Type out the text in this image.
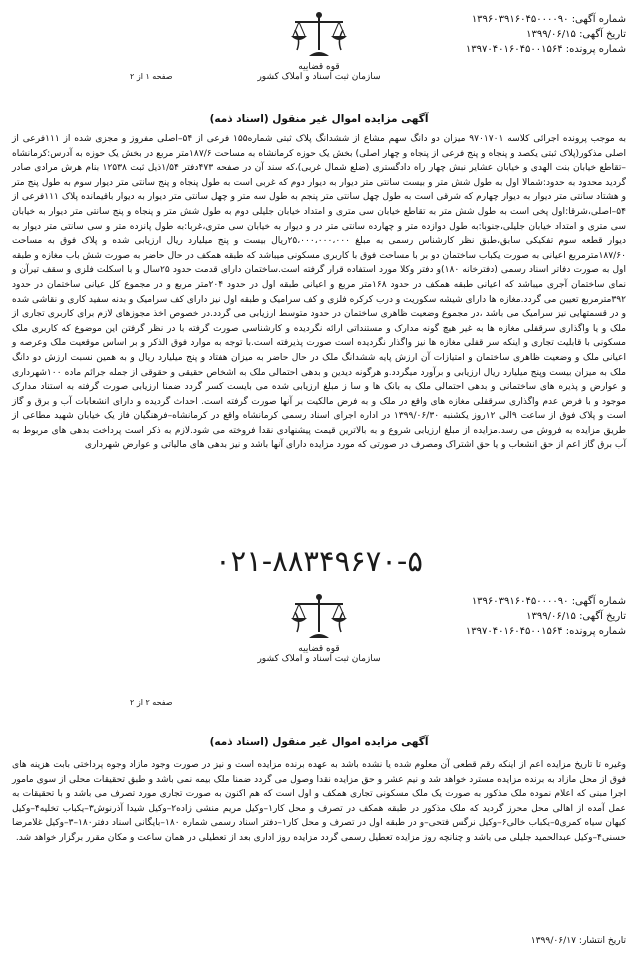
شماره آگهی: ۱۳۹۶۰۳۹۱۶۰۴۵۰۰۰۰۹۰
تاریخ آگهی: ۱۳۹۹/۰۶/۱۵
شماره پرونده: ۱۳۹۷۰۴۰۱۶۰۴۵۰۰۱۵۶۴
قوه قضاییه
سازمان ثبت اسناد و املاک کشور
صفحه ۱ از ۲
آگهی مزایده اموال غیر منقول (اسناد ذمه)
به موجب پرونده اجرائی کلاسه ۹۷۰۱۷۰۱ میزان دو دانگ سهم مشاع از ششدانگ پلاک ثبتی شماره۱۵۵ فرعی از ۵۴–اصلی مفروز و مجزی شده از ۱۱۱فرعی از اصلی مذکور(پلاک ثبتی یکصد و پنجاه و پنج فرعی از پنجاه و چهار اصلی) بخش یک حوزه کرمانشاه به مساحت ۱۸۷/۶متر مربع در بخش یک حوزه به آدرس:کرمانشاه –تقاطع خیابان بنت الهدی و خیابان عشایر نبش چهار راه دادگستری (ضلع شمال غربی)،که سند آن در صفحه ۴۷۳دفتر ۱/۵۴ذیل ثبت ۱۲۵۳۸ بنام هرش مرادی صادر گردید محدود به حدود:شمالا اول به طول شش متر و بیست سانتی متر دیوار به دیوار دوم که غربی است به طول پنجاه و پنج سانتی متر دیوار سوم به طول پنج متر و هشتاد سانتی متر دیوار به دیوار چهارم که شرقی است به طول چهل سانتی متر پنجم به طول سه متر و چهل سانتی متر دیوار به دیوار باقیمانده پلاک ۱۱۱فرعی از ۵۴–اصلی،شرقا:اول پخی است به طول شش متر به تقاطع خیابان سی متری و امتداد خیابان جلیلی دوم به طول شش متر و پنجاه و پنج سانتی متر دیوار به خیابان سی متری و امتداد خیابان جلیلی،جنوبا:به طول دوازده متر و چهارده سانتی متر در و دیوار به خیابان سی متری،غربا:به طول پانزده متر و سی سانتی متر دیوار به دیوار قطعه سوم تفکیکی سابق،طبق نظر کارشناس رسمی به مبلغ ۲۵،۰۰۰،۰۰۰،۰۰۰ریال بیست و پنج میلیارد ریال ارزیابی شده و پلاک فوق به مساحت ۱۸۷/۶۰مترمربع اعیانی به صورت یکباب ساختمان دو بر با مساحت فوق با کاربری مسکونی میباشد که طبقه همکف در حال حاضر به صورت شش باب مغازه و طبقه اول به صورت دفاتر اسناد رسمی (دفترخانه ۱۸۰)و دفتر وکلا مورد استفاده قرار گرفته است.ساختمان دارای قدمت حدود ۲۵سال و با اسکلت فلزی و سقف تیرآن و نمای ساختمان آجری میباشد که اعیانی طبقه همکف در حدود ۱۶۸متر مربع و اعیانی طبقه اول در حدود ۲۰۴متر مربع و در مجموع کل عیانی ساختمان در حدود ۳۹۲مترمربع تعیین می گردد.مغازه ها دارای شیشه سکوریت و درب کرکره فلزی و کف سرامیک و طبقه اول نیز دارای کف سرامیک و بدنه سفید کاری و نقاشی شده و در قسمتهایی نیز سرامیک می باشد ،در مجموع وضعیت ظاهری ساختمان در حدود متوسط ارزیابی می گردد.در خصوص اخذ مجوزهای لازم برای کاربری تجاری از ملک و یا واگذاری سرقفلی مغازه ها به غیر هیچ گونه مدارک و مستنداتی ارائه نگردیده و کارشناسی صورت گرفته با در نظر گرفتن این موضوع که کاربری ملک مسکونی با قابلیت تجاری و اینکه سر قفلی مغازه ها نیز واگذار نگردیده است صورت پذیرفته است.با توجه به موارد فوق الذکر و بر اساس موقعیت ملک وعرصه و اعیانی ملک و وضعیت ظاهری ساختمان و امتیازات آن ارزش پایه ششدانگ ملک در حال حاضر به میزان هفتاد و پنج میلیارد ریال و به همین نسبت ارزش دو دانگ ملک به میزان بیست وپنج میلیارد ریال ارزیابی و برآورد میگردد.و هرگونه دیدین و بدهی احتمالی ملک به اشخاص حقیقی و حقوقی از جمله جرائم ماده ۱۰۰شهرداری و عوارض و پذیره های ساختمانی و بدهی احتمالی ملک به بانک ها و سا ز مبلغ ارزیابی شده می بایست کسر گردد ضمنا ارزیابی صورت گرفته به استناد مدارک موجود و با فرض عدم واگذاری سرقفلی مغازه های واقع در ملک و به فرض مالکیت بر آنها صورت گرفته است. احداث گردیده و دارای انشعابات آب و برق و گاز است و پلاک فوق از ساعت ۹الی ۱۲روز یکشنبه ۱۳۹۹/۰۶/۳۰ در اداره اجرای اسناد رسمی کرمانشاه واقع در کرمانشاه–فرهنگیان فاز یک خیابان شهید مطاعی از طریق مزایده به فروش می رسد.مزایده از مبلغ ارزیابی شروع و به بالاترین قیمت پیشنهادی نقدا فروخته می شود.لازم به ذکر است پرداخت بدهی های مربوط به آب برق گاز اعم از حق انشعاب و یا حق اشتراک ومصرف در صورتی که مورد مزایده دارای آنها باشد و نیز بدهی های مالیاتی و عوارض شهرداری
۰۲۱-۸۸۳۴۹۶۷۰-۵
شماره آگهی: ۱۳۹۶۰۳۹۱۶۰۴۵۰۰۰۰۹۰
تاریخ آگهی: ۱۳۹۹/۰۶/۱۵
شماره پرونده: ۱۳۹۷۰۴۰۱۶۰۴۵۰۰۱۵۶۴
قوه قضاییه
سازمان ثبت اسناد و املاک کشور
صفحه ۲ از ۲
آگهی مزایده اموال غیر منقول (اسناد ذمه)
وغیره تا تاریخ مزایده اعم از اینکه رقم قطعی آن معلوم شده یا نشده باشد به عهده برنده مزایده است و نیز در صورت وجود مازاد وجوه پرداختی بابت هزینه های فوق از محل مازاد به برنده مزایده مسترد خواهد شد و نیم عشر و حق مزایده نقدا وصول می گردد ضمنا ملک بیمه نمی باشد و طبق تحقیقات محلی از سوی مامور اجرا مبنی که اعلام نموده ملک مذکور به صورت یک ملک مسکونی تجاری همکف و اول است که هم اکنون به صورت تجاری مورد تصرف می باشد و با تحقیقات به عمل آمده از اهالی محل محرز گردید که ملک مذکور در طبقه همکف در تصرف و محل کار۱–وکیل مریم منشی زاده۲–وکیل شیدا آذرنوش۳–یکباب تخلیه۴–وکیل کیهان سیاه کمری۵–یکباب خالی۶–وکیل نرگس فتحی–و در طبقه اول در تصرف و محل کار۱–دفتر اسناد رسمی شماره ۱۸۰–بایگانی اسناد دفتر۱۸۰–۳–وکیل غلامرضا حسنی۴–وکیل عبدالحمید جلیلی می باشد و چنانچه روز مزایده تعطیل رسمی گردد مزایده روز اداری بعد از تعطیلی در همان ساعت و مکان مقرر برگزار خواهد شد.
تاریخ انتشار: ۱۳۹۹/۰۶/۱۷
